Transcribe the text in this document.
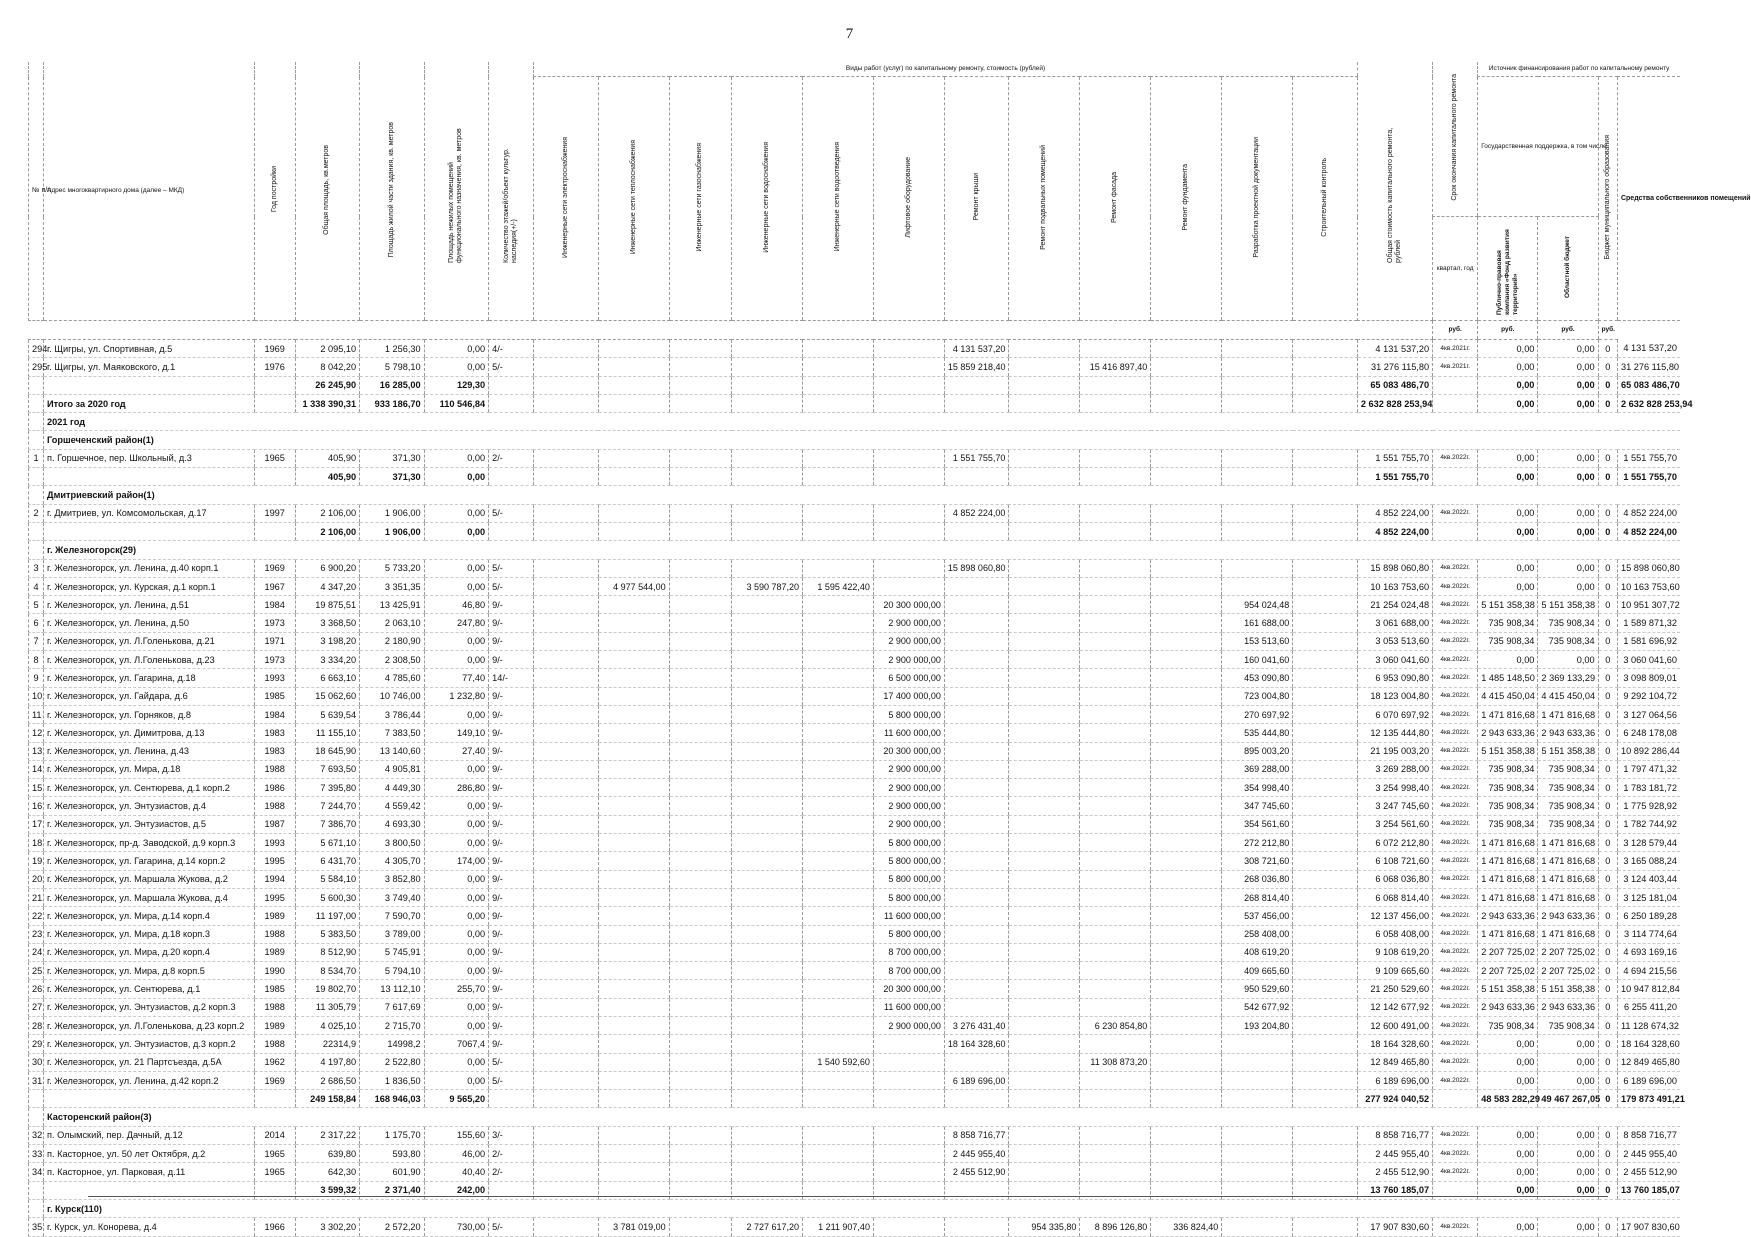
7
№ п/п	Адрес многоквартирного дома (далее – МКД)	Год постройки	Общая площадь, кв.метров	Площадь жилой части здания, кв. метров	Площадь нежилых помещений функционального назначения, кв. метров	Количество этажей/объект культур. наследия(+/-)	Виды работ (услуг) по капитальному ремонту, стоимость (рублей)												Общая стоимость капитального ремонта, рублей	Срок окончания капитального ремонта	Источник финансирования работ по капитальному ремонту			
							Инженерные сети электроснабжения	Инженерные сети теплоснабжения	Инженерные сети газоснабжения	Инженерные сети водоснабжения	Инженерные сети водоотведения	Лифтовое оборудование	Ремонт крыши	Ремонт подвальных помещений	Ремонт фасада	Ремонт фундамента	Разработка проектной документации	Строительный контроль			Государственная поддержка, в том числе		Бюджет муниципального образования	Средства собственников помещений
																				квартал, год	Публично-правовая компания «Фонд развития территорий»	Областной бюджет		
																				руб.	руб.	руб.	руб.	
294	г. Щигры, ул. Спортивная, д.5	1969	2 095,10	1 256,30	0,00	4/-							4 131 537,20						4 131 537,20	4кв.2021г.	0,00	0,00	0	4 131 537,20
295	г. Щигры, ул. Маяковского, д.1	1976	8 042,20	5 798,10	0,00	5/-							15 859 218,40		15 416 897,40				31 276 115,80	4кв.2021г.	0,00	0,00	0	31 276 115,80
			26 245,90	16 285,00	129,30														65 083 486,70		0,00	0,00	0	65 083 486,70
	Итого за 2020 год		1 338 390,31	933 186,70	110 546,84														2 632 828 253,94		0,00	0,00	0	2 632 828 253,94
	2021 год																							
	Горшеченский район(1)																							
1	п. Горшечное, пер. Школьный, д.3	1965	405,90	371,30	0,00	2/-							1 551 755,70						1 551 755,70	4кв.2022г.	0,00	0,00	0	1 551 755,70
			405,90	371,30	0,00														1 551 755,70		0,00	0,00	0	1 551 755,70
	Дмитриевский район(1)																							
2	г. Дмитриев, ул. Комсомольская, д.17	1997	2 106,00	1 906,00	0,00	5/-							4 852 224,00						4 852 224,00	4кв.2022г.	0,00	0,00	0	4 852 224,00
			2 106,00	1 906,00	0,00														4 852 224,00		0,00	0,00	0	4 852 224,00
	г. Железногорск(29)																							
3	г. Железногорск, ул. Ленина, д.40 корп.1	1969	6 900,20	5 733,20	0,00	5/-							15 898 060,80						15 898 060,80	4кв.2022г.	0,00	0,00	0	15 898 060,80
4	г. Железногорск, ул. Курская, д.1 корп.1	1967	4 347,20	3 351,35	0,00	5/-		4 977 544,00		3 590 787,20	1 595 422,40								10 163 753,60	4кв.2022г.	0,00	0,00	0	10 163 753,60
5	г. Железногорск, ул. Ленина, д.51	1984	19 875,51	13 425,91	46,80	9/-						20 300 000,00					954 024,48		21 254 024,48	4кв.2022г.	5 151 358,38	5 151 358,38	0	10 951 307,72
6	г. Железногорск, ул. Ленина, д.50	1973	3 368,50	2 063,10	247,80	9/-						2 900 000,00					161 688,00		3 061 688,00	4кв.2022г.	735 908,34	735 908,34	0	1 589 871,32
7	г. Железногорск, ул. Л.Голенькова, д.21	1971	3 198,20	2 180,90	0,00	9/-						2 900 000,00					153 513,60		3 053 513,60	4кв.2022г.	735 908,34	735 908,34	0	1 581 696,92
8	г. Железногорск, ул. Л.Голенькова, д.23	1973	3 334,20	2 308,50	0,00	9/-						2 900 000,00					160 041,60		3 060 041,60	4кв.2022г.	0,00	0,00	0	3 060 041,60
9	г. Железногорск, ул. Гагарина, д.18	1993	6 663,10	4 785,60	77,40	14/-						6 500 000,00					453 090,80		6 953 090,80	4кв.2022г.	1 485 148,50	2 369 133,29	0	3 098 809,01
10	г. Железногорск, ул. Гайдара, д.6	1985	15 062,60	10 746,00	1 232,80	9/-						17 400 000,00					723 004,80		18 123 004,80	4кв.2022г.	4 415 450,04	4 415 450,04	0	9 292 104,72
11	г. Железногорск, ул. Горняков, д.8	1984	5 639,54	3 786,44	0,00	9/-						5 800 000,00					270 697,92		6 070 697,92	4кв.2022г.	1 471 816,68	1 471 816,68	0	3 127 064,56
12	г. Железногорск, ул. Димитрова, д.13	1983	11 155,10	7 383,50	149,10	9/-						11 600 000,00					535 444,80		12 135 444,80	4кв.2022г.	2 943 633,36	2 943 633,36	0	6 248 178,08
13	г. Железногорск, ул. Ленина, д.43	1983	18 645,90	13 140,60	27,40	9/-						20 300 000,00					895 003,20		21 195 003,20	4кв.2022г.	5 151 358,38	5 151 358,38	0	10 892 286,44
14	г. Железногорск, ул. Мира, д.18	1988	7 693,50	4 905,81	0,00	9/-						2 900 000,00					369 288,00		3 269 288,00	4кв.2022г.	735 908,34	735 908,34	0	1 797 471,32
15	г. Железногорск, ул. Сентюрева, д.1 корп.2	1986	7 395,80	4 449,30	286,80	9/-						2 900 000,00					354 998,40		3 254 998,40	4кв.2022г.	735 908,34	735 908,34	0	1 783 181,72
16	г. Железногорск, ул. Энтузиастов, д.4	1988	7 244,70	4 559,42	0,00	9/-						2 900 000,00					347 745,60		3 247 745,60	4кв.2022г.	735 908,34	735 908,34	0	1 775 928,92
17	г. Железногорск, ул. Энтузиастов, д.5	1987	7 386,70	4 693,30	0,00	9/-						2 900 000,00					354 561,60		3 254 561,60	4кв.2022г.	735 908,34	735 908,34	0	1 782 744,92
18	г. Железногорск, пр-д. Заводской, д.9 корп.3	1993	5 671,10	3 800,50	0,00	9/-						5 800 000,00					272 212,80		6 072 212,80	4кв.2022г.	1 471 816,68	1 471 816,68	0	3 128 579,44
19	г. Железногорск, ул. Гагарина, д.14 корп.2	1995	6 431,70	4 305,70	174,00	9/-						5 800 000,00					308 721,60		6 108 721,60	4кв.2022г.	1 471 816,68	1 471 816,68	0	3 165 088,24
20	г. Железногорск, ул. Маршала Жукова, д.2	1994	5 584,10	3 852,80	0,00	9/-						5 800 000,00					268 036,80		6 068 036,80	4кв.2022г.	1 471 816,68	1 471 816,68	0	3 124 403,44
21	г. Железногорск, ул. Маршала Жукова, д.4	1995	5 600,30	3 749,40	0,00	9/-						5 800 000,00					268 814,40		6 068 814,40	4кв.2022г.	1 471 816,68	1 471 816,68	0	3 125 181,04
22	г. Железногорск, ул. Мира, д.14 корп.4	1989	11 197,00	7 590,70	0,00	9/-						11 600 000,00					537 456,00		12 137 456,00	4кв.2022г.	2 943 633,36	2 943 633,36	0	6 250 189,28
23	г. Железногорск, ул. Мира, д.18 корп.3	1988	5 383,50	3 789,00	0,00	9/-						5 800 000,00					258 408,00		6 058 408,00	4кв.2022г.	1 471 816,68	1 471 816,68	0	3 114 774,64
24	г. Железногорск, ул. Мира, д.20 корп.4	1989	8 512,90	5 745,91	0,00	9/-						8 700 000,00					408 619,20		9 108 619,20	4кв.2022г.	2 207 725,02	2 207 725,02	0	4 693 169,16
25	г. Железногорск, ул. Мира, д.8 корп.5	1990	8 534,70	5 794,10	0,00	9/-						8 700 000,00					409 665,60		9 109 665,60	4кв.2022г.	2 207 725,02	2 207 725,02	0	4 694 215,56
26	г. Железногорск, ул. Сентюрева, д.1	1985	19 802,70	13 112,10	255,70	9/-						20 300 000,00					950 529,60		21 250 529,60	4кв.2022г.	5 151 358,38	5 151 358,38	0	10 947 812,84
27	г. Железногорск, ул. Энтузиастов, д.2 корп.3	1988	11 305,79	7 617,69	0,00	9/-						11 600 000,00					542 677,92		12 142 677,92	4кв.2022г.	2 943 633,36	2 943 633,36	0	6 255 411,20
28	г. Железногорск, ул. Л.Голенькова, д.23 корп.2	1989	4 025,10	2 715,70	0,00	9/-						2 900 000,00	3 276 431,40		6 230 854,80		193 204,80		12 600 491,00	4кв.2022г.	735 908,34	735 908,34	0	11 128 674,32
29	г. Железногорск, ул. Энтузиастов, д.3 корп.2	1988	22314,9	14998,2	7067,4	9/-							18 164 328,60						18 164 328,60	4кв.2022г.	0,00	0,00	0	18 164 328,60
30	г. Железногорск, ул. 21 Партсъезда, д.5А	1962	4 197,80	2 522,80	0,00	5/-					1 540 592,60				11 308 873,20				12 849 465,80	4кв.2022г.	0,00	0,00	0	12 849 465,80
31	г. Железногорск, ул. Ленина, д.42 корп.2	1969	2 686,50	1 836,50	0,00	5/-							6 189 696,00						6 189 696,00	4кв.2022г.	0,00	0,00	0	6 189 696,00
			249 158,84	168 946,03	9 565,20														277 924 040,52		48 583 282,29	49 467 267,05	0	179 873 491,21
	Касторенский район(3)																							
32	п. Олымский, пер. Дачный, д.12	2014	2 317,22	1 175,70	155,60	3/-							8 858 716,77						8 858 716,77	4кв.2022г.	0,00	0,00	0	8 858 716,77
33	п. Касторное, ул. 50 лет Октября, д.2	1965	639,80	593,80	46,00	2/-							2 445 955,40						2 445 955,40	4кв.2022г.	0,00	0,00	0	2 445 955,40
34	п. Касторное, ул. Парковая, д.11	1965	642,30	601,90	40,40	2/-							2 455 512,90						2 455 512,90	4кв.2022г.	0,00	0,00	0	2 455 512,90
			3 599,32	2 371,40	242,00														13 760 185,07		0,00	0,00	0	13 760 185,07
	г. Курск(110)																							
35	г. Курск, ул. Конорева, д.4	1966	3 302,20	2 572,20	730,00	5/-		3 781 019,00		2 727 617,20	1 211 907,40			954 335,80	8 896 126,80	336 824,40			17 907 830,60	4кв.2022г.	0,00	0,00	0	17 907 830,60
